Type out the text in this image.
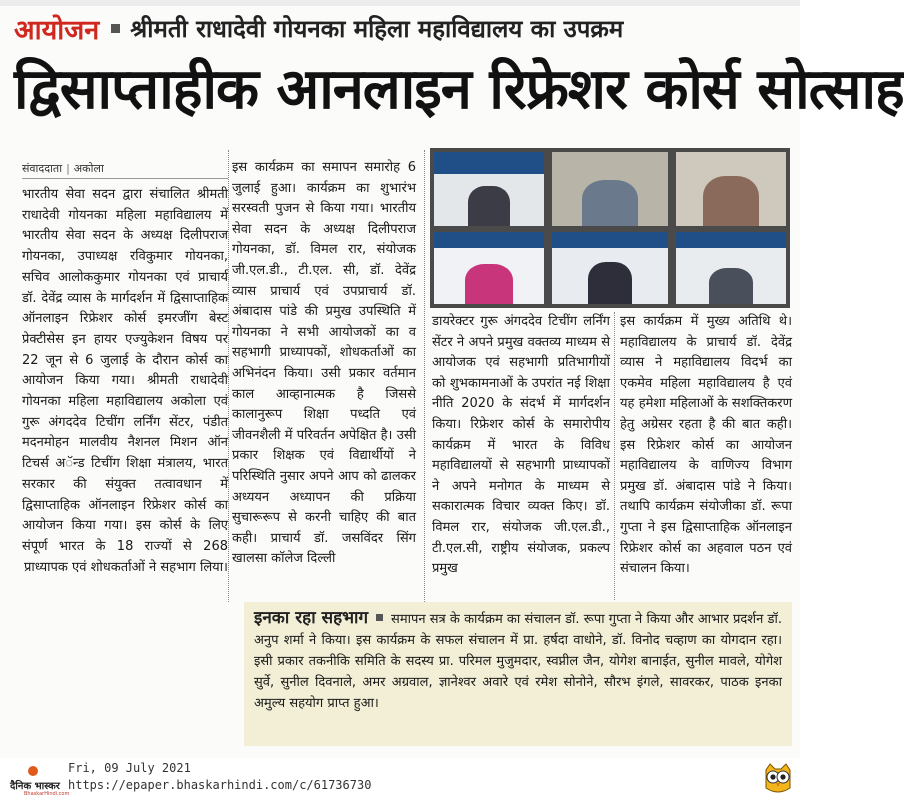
आयोजन श्रीमती राधादेवी गोयनका महिला महाविद्यालय का उपक्रम
द्विसाप्ताहीक आनलाइन रिफ्रेशर कोर्स सोत्साह
संवाददाता | अकोला
भारतीय सेवा सदन द्वारा संचालित श्रीमती राधादेवी गोयनका महिला महाविद्यालय में भारतीय सेवा सदन के अध्यक्ष दिलीपराज गोयनका, उपाध्यक्ष रविकुमार गोयनका, सचिव आलोककुमार गोयनका एवं प्राचार्य डॉ. देवेंद्र व्यास के मार्गदर्शन में द्विसाप्ताहिक ऑनलाइन रिफ्रेशर कोर्स इमरजींग बेस्ट प्रेक्टीसेस इन हायर एज्युकेशन विषय पर 22 जून से 6 जुलाई के दौरान कोर्स का आयोजन किया गया। श्रीमती राधादेवी गोयनका महिला महाविद्यालय अकोला एवं गुरू अंगददेव टिचींग लर्निंग सेंटर, पंडीत मदनमोहन मालवीय नैशनल मिशन ऑन टिचर्स अॅन्ड टिचींग शिक्षा मंत्रालय, भारत सरकार की संयुक्त तत्वावधान में द्विसाप्ताहिक ऑनलाइन रिफ्रेशर कोर्स का आयोजन किया गया। इस कोर्स के लिए संपूर्ण भारत के 18 राज्यों से 268 प्राध्यापक एवं शोधकर्ताओं ने सहभाग लिया।
इस कार्यक्रम का समापन समारोह 6 जुलाई हुआ। कार्यक्रम का शुभारंभ सरस्वती पुजन से किया गया। भारतीय सेवा सदन के अध्यक्ष दिलीपराज गोयनका, डॉ. विमल रार, संयोजक जी.एल.डी., टी.एल. सी, डॉ. देवेंद्र व्यास प्राचार्य एवं उपप्राचार्य डॉ. अंबादास पांडे की प्रमुख उपस्थिति में गोयनका ने सभी आयोजकों का व सहभागी प्राध्यापकों, शोधकर्ताओं का अभिनंदन किया। उसी प्रकार वर्तमान काल आव्हानात्मक है जिससे कालानुरूप शिक्षा पध्दति एवं जीवनशैली में परिवर्तन अपेक्षित है। उसी प्रकार शिक्षक एवं विद्यार्थीयों ने परिस्थिति नुसार अपने आप को ढालकर अध्ययन अध्यापन की प्रक्रिया सुचारूरूप से करनी चाहिए की बात कही। प्राचार्य डॉ. जसविंदर सिंग खालसा कॉलेज दिल्ली
डायरेक्टर गुरू अंगददेव टिचींग लर्निंग सेंटर ने अपने प्रमुख वक्तव्य माध्यम से आयोजक एवं सहभागी प्रतिभागीयों को शुभकामनाओं के उपरांत नई शिक्षा नीति 2020 के संदर्भ में मार्गदर्शन किया। रिफ्रेशर कोर्स के समारोपीय कार्यक्रम में भारत के विविध महाविद्यालयों से सहभागी प्राध्यापकों ने अपने मनोगत के माध्यम से सकारात्मक विचार व्यक्त किए। डॉ. विमल रार, संयोजक जी.एल.डी., टी.एल.सी, राष्ट्रीय संयोजक, प्रकल्प प्रमुख
इस कार्यक्रम में मुख्य अतिथि थे। महाविद्यालय के प्राचार्य डॉ. देवेंद्र व्यास ने महाविद्यालय विदर्भ का एकमेव महिला महाविद्यालय है एवं यह हमेशा महिलाओं के सशक्तिकरण हेतु अग्रेसर रहता है की बात कही। इस रिफ्रेशर कोर्स का आयोजन महाविद्यालय के वाणिज्य विभाग प्रमुख डॉ. अंबादास पांडे ने किया। तथापि कार्यक्रम संयोजीका डॉ. रूपा गुप्ता ने इस द्विसाप्ताहिक ऑनलाइन रिफ्रेशर कोर्स का अहवाल पठन एवं संचालन किया।
इनका रहा सहभाग समापन सत्र के कार्यक्रम का संचालन डॉ. रूपा गुप्ता ने किया और आभार प्रदर्शन डॉ. अनुप शर्मा ने किया। इस कार्यक्रम के सफल संचालन में प्रा. हर्षदा वाधोने, डॉ. विनोद चव्हाण का योगदान रहा। इसी प्रकार तकनीकि समिति के सदस्य प्रा. परिमल मुजुमदार, स्वप्नील जैन, योगेश बानाईत, सुनील मावले, योगेश सुर्वे, सुनील दिवनाले, अमर अग्रवाल, ज्ञानेश्वर अवारे एवं रमेश सोनोने, सौरभ इंगले, सावरकर, पाठक इनका अमुल्य सहयोग प्राप्त हुआ।
दैनिक भास्कर
BhaskarHindi.com
Fri, 09 July 2021
https://epaper.bhaskarhindi.com/c/61736730
